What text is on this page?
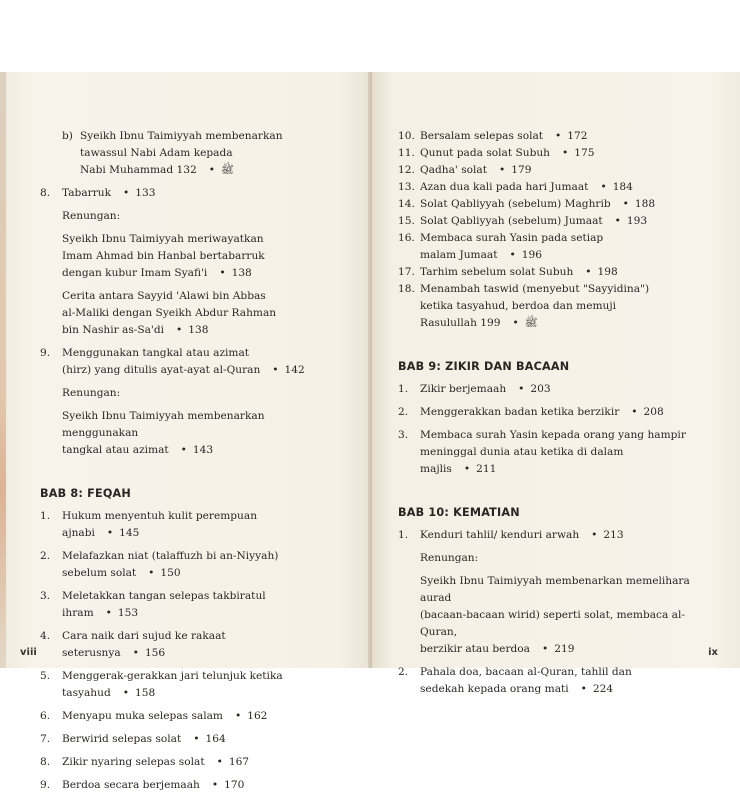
b) Syeikh Ibnu Taimiyyah membenarkan
tawassul Nabi Adam kepada
Nabi Muhammad ﷺ•132
8.	Tabarruk • 133
Renungan:
Syeikh Ibnu Taimiyyah meriwayatkan
Imam Ahmad bin Hanbal bertabarruk
dengan kubur Imam Syafi'i • 138
Cerita antara Sayyid 'Alawi bin Abbas
al-Maliki dengan Syeikh Abdur Rahman
bin Nashir as-Sa'di • 138
9.	Menggunakan tangkal atau azimat
(hirz) yang ditulis ayat-ayat al-Quran • 142
Renungan:
Syeikh Ibnu Taimiyyah membenarkan menggunakan
tangkal atau azimat • 143
BAB 8: FEQAH
1.	Hukum menyentuh kulit perempuan ajnabi • 145
2.	Melafazkan niat (talaffuzh bi an-Niyyah)
sebelum solat • 150
3.	Meletakkan tangan selepas takbiratul ihram • 153
4.	Cara naik dari sujud ke rakaat seterusnya • 156
5.	Menggerak-gerakkan jari telunjuk ketika
tasyahud • 158
6.	Menyapu muka selepas salam • 162
7.	Berwirid selepas solat • 164
8.	Zikir nyaring selepas solat • 167
9.	Berdoa secara berjemaah • 170
viii
10. Bersalam selepas solat • 172
11. Qunut pada solat Subuh • 175
12. Qadha' solat • 179
13. Azan dua kali pada hari Jumaat • 184
14. Solat Qabliyyah (sebelum) Maghrib • 188
15. Solat Qabliyyah (sebelum) Jumaat • 193
16. Membaca surah Yasin pada setiap
malam Jumaat • 196
17. Tarhim sebelum solat Subuh • 198
18. Menambah taswid (menyebut "Sayyidina")
ketika tasyahud, berdoa dan memuji
Rasulullah ﷺ•199
BAB 9: ZIKIR DAN BACAAN
1.	Zikir berjemaah • 203
2.	Menggerakkan badan ketika berzikir • 208
3.	Membaca surah Yasin kepada orang yang hampir
meninggal dunia atau ketika di dalam majlis • 211
BAB 10: KEMATIAN
1.	Kenduri tahlil/ kenduri arwah • 213
Renungan:
Syeikh Ibnu Taimiyyah membenarkan memelihara aurad
(bacaan-bacaan wirid) seperti solat, membaca al-Quran,
berzikir atau berdoa • 219
2.	Pahala doa, bacaan al-Quran, tahlil dan
sedekah kepada orang mati • 224
ix
